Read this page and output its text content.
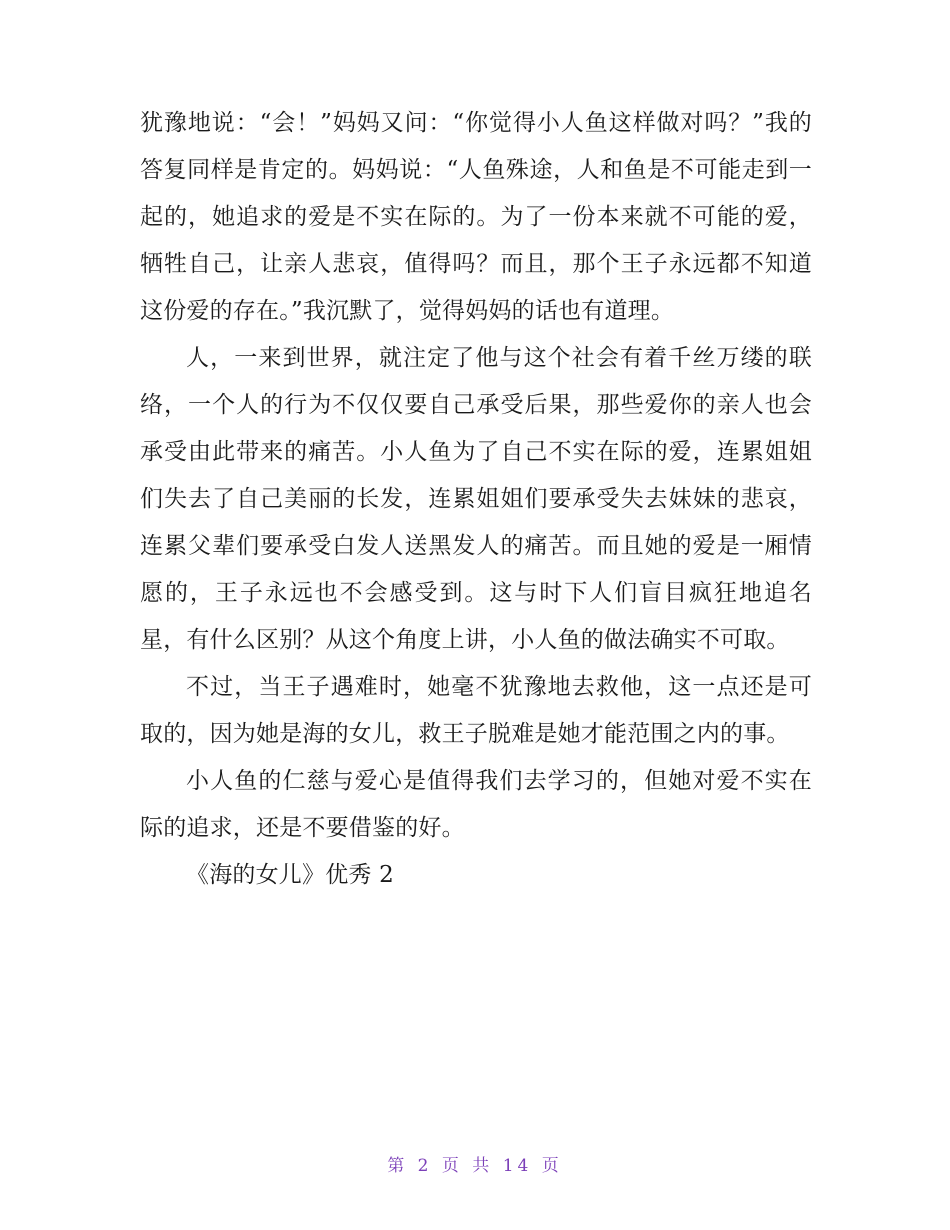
犹豫地说：“会！”妈妈又问：“你觉得小人鱼这样做对吗？”我的答复同样是肯定的。妈妈说：“人鱼殊途，人和鱼是不可能走到一起的，她追求的爱是不实在际的。为了一份本来就不可能的爱，牺牲自己，让亲人悲哀，值得吗？而且，那个王子永远都不知道这份爱的存在。”我沉默了，觉得妈妈的话也有道理。

人，一来到世界，就注定了他与这个社会有着千丝万缕的联络，一个人的行为不仅仅要自己承受后果，那些爱你的亲人也会承受由此带来的痛苦。小人鱼为了自己不实在际的爱，连累姐姐们失去了自己美丽的长发，连累姐姐们要承受失去妹妹的悲哀，连累父辈们要承受白发人送黑发人的痛苦。而且她的爱是一厢情愿的，王子永远也不会感受到。这与时下人们盲目疯狂地追名星，有什么区别？从这个角度上讲，小人鱼的做法确实不可取。

不过，当王子遇难时，她毫不犹豫地去救他，这一点还是可取的，因为她是海的女儿，救王子脱难是她才能范围之内的事。

小人鱼的仁慈与爱心是值得我们去学习的，但她对爱不实在际的追求，还是不要借鉴的好。

《海的女儿》优秀 2

第 2 页 共 14 页
